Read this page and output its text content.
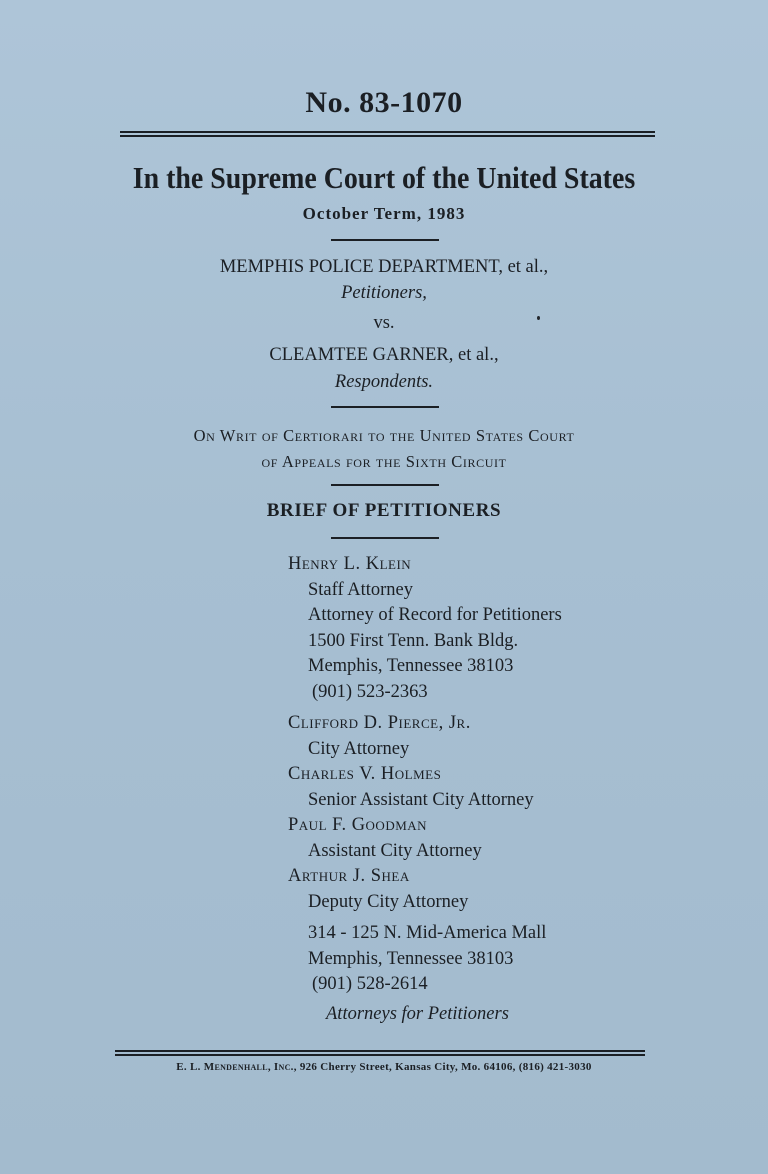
No. 83-1070
In the Supreme Court of the United States
October Term, 1983
MEMPHIS POLICE DEPARTMENT, et al.,
Petitioners,
vs.
CLEAMTEE GARNER, et al.,
Respondents.
On Writ of Certiorari to the United States Court
of Appeals for the Sixth Circuit
BRIEF OF PETITIONERS
Henry L. Klein
Staff Attorney
Attorney of Record for Petitioners
1500 First Tenn. Bank Bldg.
Memphis, Tennessee 38103
(901) 523-2363
Clifford D. Pierce, Jr.
City Attorney
Charles V. Holmes
Senior Assistant City Attorney
Paul F. Goodman
Assistant City Attorney
Arthur J. Shea
Deputy City Attorney
314 - 125 N. Mid-America Mall
Memphis, Tennessee 38103
(901) 528-2614
Attorneys for Petitioners
E. L. Mendenhall, Inc., 926 Cherry Street, Kansas City, Mo. 64106, (816) 421-3030
